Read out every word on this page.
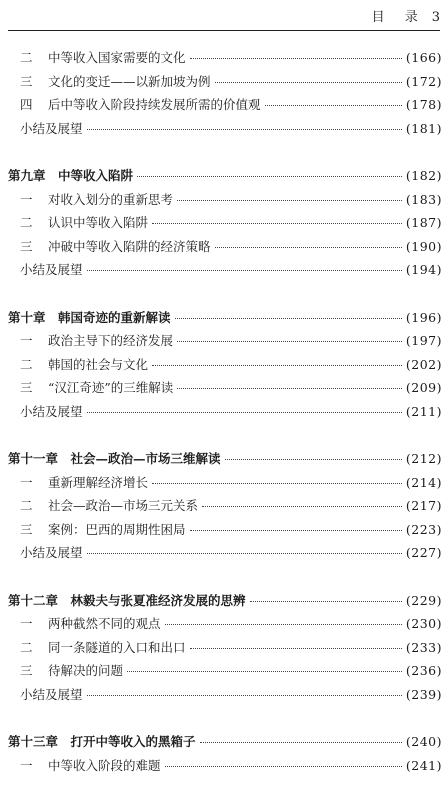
目 录 3
二	中等收入国家需要的文化	(166)
三	文化的变迁——以新加坡为例	(172)
四	后中等收入阶段持续发展所需的价值观	(178)
小结及展望	(181)
第九章　中等收入陷阱	(182)
一	对收入划分的重新思考	(183)
二	认识中等收入陷阱	(187)
三	冲破中等收入陷阱的经济策略	(190)
小结及展望	(194)
第十章　韩国奇迹的重新解读	(196)
一	政治主导下的经济发展	(197)
二	韩国的社会与文化	(202)
三	“汉江奇迹”的三维解读	(209)
小结及展望	(211)
第十一章　社会—政治—市场三维解读	(212)
一	重新理解经济增长	(214)
二	社会—政治—市场三元关系	(217)
三	案例：巴西的周期性困局	(223)
小结及展望	(227)
第十二章　林毅夫与张夏准经济发展的思辨	(229)
一	两种截然不同的观点	(230)
二	同一条隧道的入口和出口	(233)
三	待解决的问题	(236)
小结及展望	(239)
第十三章　打开中等收入的黑箱子	(240)
一	中等收入阶段的难题	(241)
